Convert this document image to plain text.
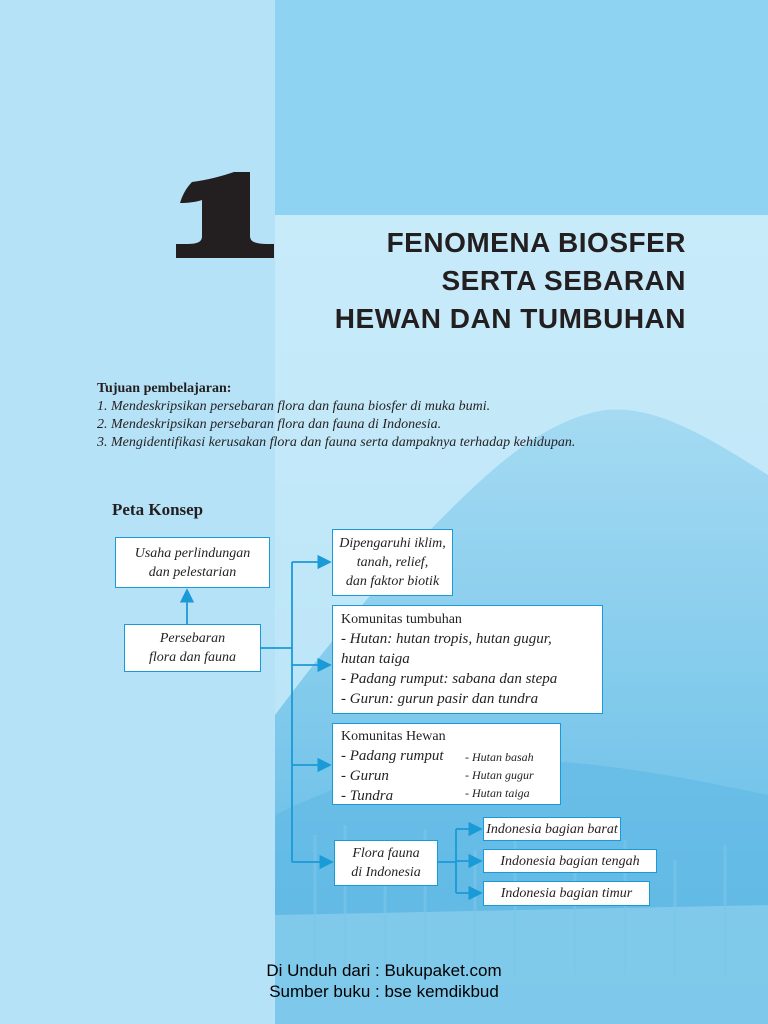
FENOMENA BIOSFER
SERTA SEBARAN
HEWAN DAN TUMBUHAN
Tujuan pembelajaran:
1. Mendeskripsikan persebaran flora dan fauna biosfer di muka bumi.
2. Mendeskripsikan persebaran flora dan fauna di Indonesia.
3. Mengidentifikasi kerusakan flora dan fauna serta dampaknya terhadap kehidupan.
Peta Konsep
Usaha perlindungan
dan pelestarian
Persebaran
flora dan fauna
Dipengaruhi iklim,
tanah, relief,
dan faktor biotik
Komunitas tumbuhan
- Hutan: hutan tropis, hutan gugur,
hutan taiga
- Padang rumput: sabana dan stepa
- Gurun: gurun pasir dan tundra
Komunitas Hewan
- Padang rumput
- Gurun
- Tundra
- Hutan basah
- Hutan gugur
- Hutan taiga
Flora fauna
di Indonesia
Indonesia bagian barat
Indonesia bagian tengah
Indonesia bagian timur
Di Unduh dari : Bukupaket.com
Sumber buku : bse kemdikbud
